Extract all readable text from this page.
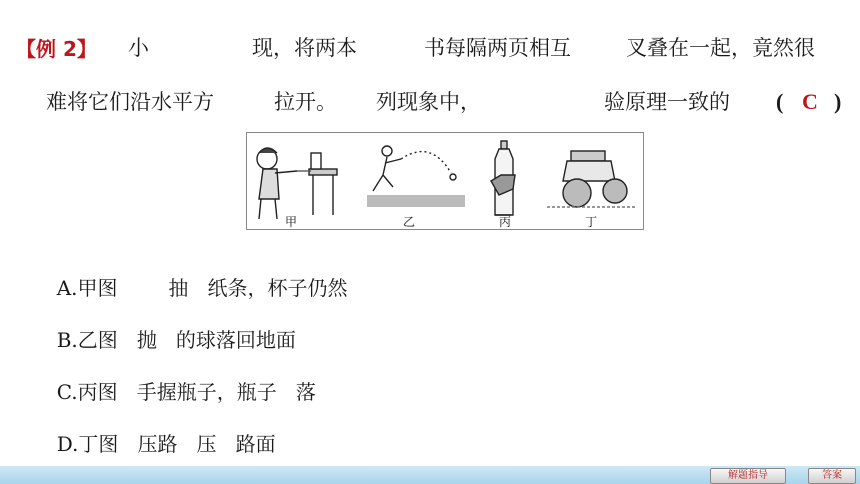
【例 2】 小	现，将两本	书每隔两页相互	叉叠在一起，竟然很
难将它们沿水平方	拉开。 列现象中，	验原理一致的 ( C )
甲	乙	丙	丁

A.甲图        抽   纸条，杯子仍然

B.乙图   抛   的球落回地面

C.丙图   手握瓶子，瓶子   落

D.丁图   压路   压   路面

解题指导	答案
